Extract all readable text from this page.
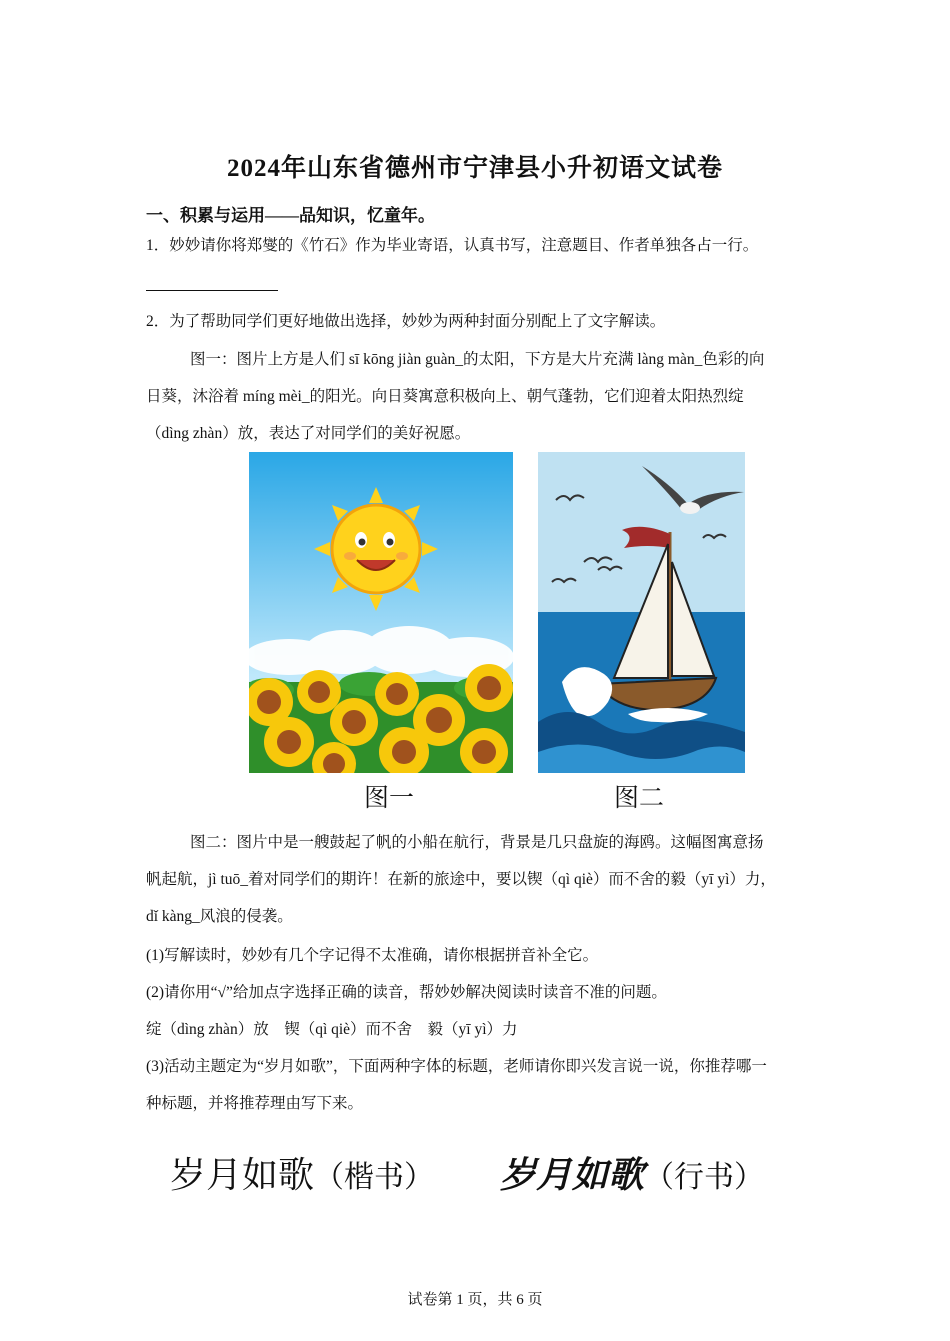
2024年山东省德州市宁津县小升初语文试卷
一、积累与运用——品知识，忆童年。
1．妙妙请你将郑燮的《竹石》作为毕业寄语，认真书写，注意题目、作者单独各占一行。
2．为了帮助同学们更好地做出选择，妙妙为两种封面分别配上了文字解读。
图一：图片上方是人们 sī kōng jiàn guàn_的太阳，下方是大片充满 làng màn_色彩的向
日葵，沐浴着 míng mèi_的阳光。向日葵寓意积极向上、朝气蓬勃，它们迎着太阳热烈绽
（dìng zhàn）放，表达了对同学们的美好祝愿。
图一	图二
图二：图片中是一艘鼓起了帆的小船在航行，背景是几只盘旋的海鸥。这幅图寓意扬
帆起航，jì tuō_着对同学们的期许！在新的旅途中，要以锲（qì qiè）而不舍的毅（yī yì）力，
dǐ kàng_风浪的侵袭。
(1)写解读时，妙妙有几个字记得不太准确，请你根据拼音补全它。
(2)请你用“√”给加点字选择正确的读音，帮妙妙解决阅读时读音不准的问题。
绽（dìng zhàn）放　锲（qì qiè）而不舍　毅（yī yì）力
(3)活动主题定为“岁月如歌”，下面两种字体的标题，老师请你即兴发言说一说，你推荐哪一
种标题，并将推荐理由写下来。
岁月如歌（楷书） 岁月如歌（行书）
试卷第 1 页，共 6 页
